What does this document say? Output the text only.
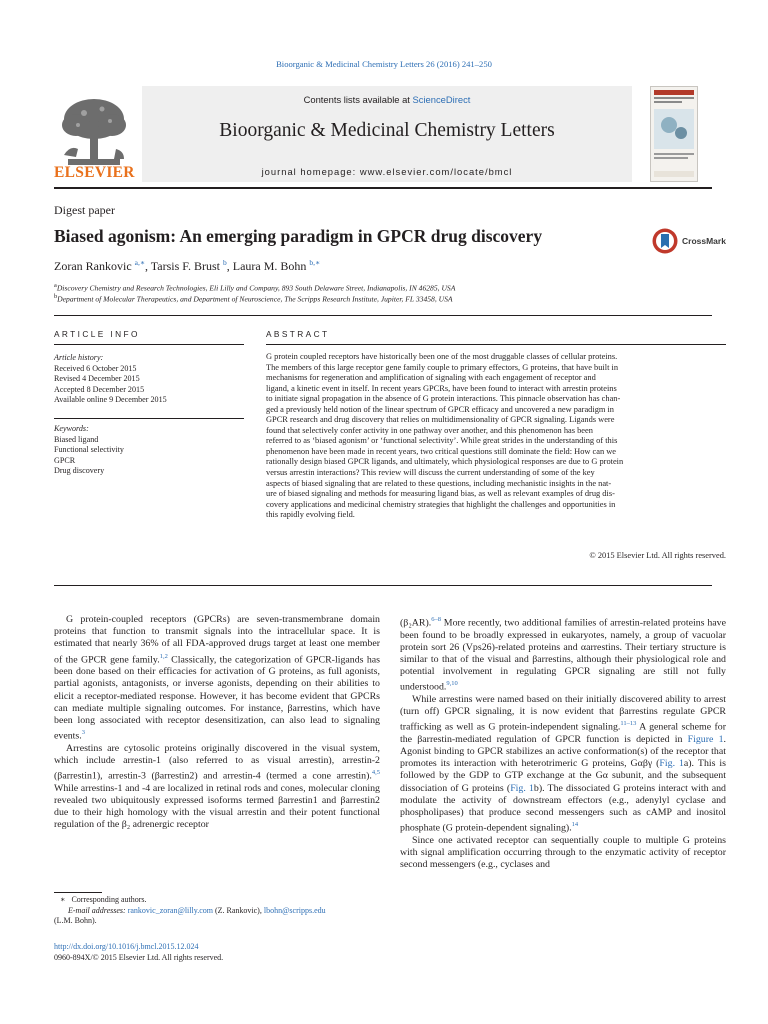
Bioorganic & Medicinal Chemistry Letters 26 (2016) 241–250
ELSEVIER
Contents lists available at ScienceDirect
Bioorganic & Medicinal Chemistry Letters
journal homepage: www.elsevier.com/locate/bmcl
Digest paper
Biased agonism: An emerging paradigm in GPCR drug discovery	CrossMark
Zoran Rankovic $^{a,∗}$, Tarsis F. Brust $^b$, Laura M. Bohn $^{b,∗}$
$^a$Discovery Chemistry and Research Technologies, Eli Lilly and Company, 893 South Delaware Street, Indianapolis, IN 46285, USA
$^b$Department of Molecular Therapeutics, and Department of Neuroscience, The Scripps Research Institute, Jupiter, FL 33458, USA
ARTICLE INFO
Article history:
Received 6 October 2015
Revised 4 December 2015
Accepted 8 December 2015
Available online 9 December 2015
Keywords:
Biased ligand
Functional selectivity
GPCR
Drug discovery
ABSTRACT
G protein coupled receptors have historically been one of the most druggable classes of cellular proteins.
The members of this large receptor gene family couple to primary effectors, G proteins, that have built in
mechanisms for regeneration and amplification of signaling with each engagement of receptor and
ligand, a kinetic event in itself. In recent years GPCRs, have been found to interact with arrestin proteins
to initiate signal propagation in the absence of G protein interactions. This pinnacle observation has chan-
ged a previously held notion of the linear spectrum of GPCR efficacy and uncovered a new paradigm in
GPCR research and drug discovery that relies on multidimensionality of GPCR signaling. Ligands were
found that selectively confer activity in one pathway over another, and this phenomenon has been
referred to as ‘biased agonism’ or ‘functional selectivity’. While great strides in the understanding of this
phenomenon have been made in recent years, two critical questions still dominate the field: How can we
rationally design biased GPCR ligands, and ultimately, which physiological responses are due to G protein
versus arrestin interactions? This review will discuss the current understanding of some of the key
aspects of biased signaling that are related to these questions, including mechanistic insights in the nat-
ure of biased signaling and methods for measuring ligand bias, as well as relevant examples of drug dis-
covery applications and medicinal chemistry strategies that highlight the challenges and opportunities in
this rapidly evolving field.
© 2015 Elsevier Ltd. All rights reserved.

G protein-coupled receptors (GPCRs) are seven-transmembrane domain proteins that function to transmit signals into the intracellular space. It is estimated that nearly 36% of all FDA-approved drugs target at least one member of the GPCR gene family.$^{1,2}$ Classically, the categorization of GPCR-ligands has been done based on their efficacies for activation of G proteins, as full agonists, partial agonists, antagonists, or inverse agonists, depending on their abilities to elicit a receptor-mediated response. However, it has become evident that GPCRs can mediate multiple signaling outcomes. For instance, βarrestins, which have been long associated with receptor desensitization, can also lead to signaling events.$^3$

Arrestins are cytosolic proteins originally discovered in the visual system, which include arrestin-1 (also referred to as visual arrestin), arrestin-2 (βarrestin1), arrestin-3 (βarrestin2) and arrestin-4 (termed a cone arrestin).$^{4,5}$ While arrestins-1 and -4 are localized in retinal rods and cones, molecular cloning revealed two ubiquitously expressed isoforms termed βarrestin1 and βarrestin2 due to their high homology with the visual arrestin and their potent functional regulation of the β₂ adrenergic receptor

(β₂AR).$^{6-8}$ More recently, two additional families of arrestin-related proteins have been found to be broadly expressed in eukaryotes, namely, a group of vacuolar protein sort 26 (Vps26)-related proteins and αarrestins. Their tertiary structure is similar to that of the visual and βarrestins, although their physiological role and potential involvement in regulating GPCR signaling are still not fully understood.$^{9,10}$

While arrestins were named based on their initially discovered ability to arrest (turn off) GPCR signaling, it is now evident that βarrestins regulate GPCR trafficking as well as G protein-independent signaling.$^{11-13}$ A general scheme for the βarrestin-mediated regulation of GPCR function is depicted in Figure 1. Agonist binding to GPCR stabilizes an active conformation(s) of the receptor that promotes its interaction with heterotrimeric G proteins, Gαβγ (Fig. 1a). This is followed by the GDP to GTP exchange at the Gα subunit, and the subsequent dissociation of G proteins (Fig. 1b). The dissociated G proteins interact with and modulate the activity of downstream effectors (e.g., adenylyl cyclase and phospholipases) that produce second messengers such as cAMP and inositol phosphate (G protein-dependent signaling).$^{14}$

Since one activated receptor can sequentially couple to multiple G proteins with signal amplification occurring through to the enzymatic activity of receptor second messengers (e.g., cyclases and

∗ Corresponding authors.
E-mail addresses: rankovic_zoran@lilly.com (Z. Rankovic), lbohn@scripps.edu
(L.M. Bohn).
http://dx.doi.org/10.1016/j.bmcl.2015.12.024
0960-894X/© 2015 Elsevier Ltd. All rights reserved.
